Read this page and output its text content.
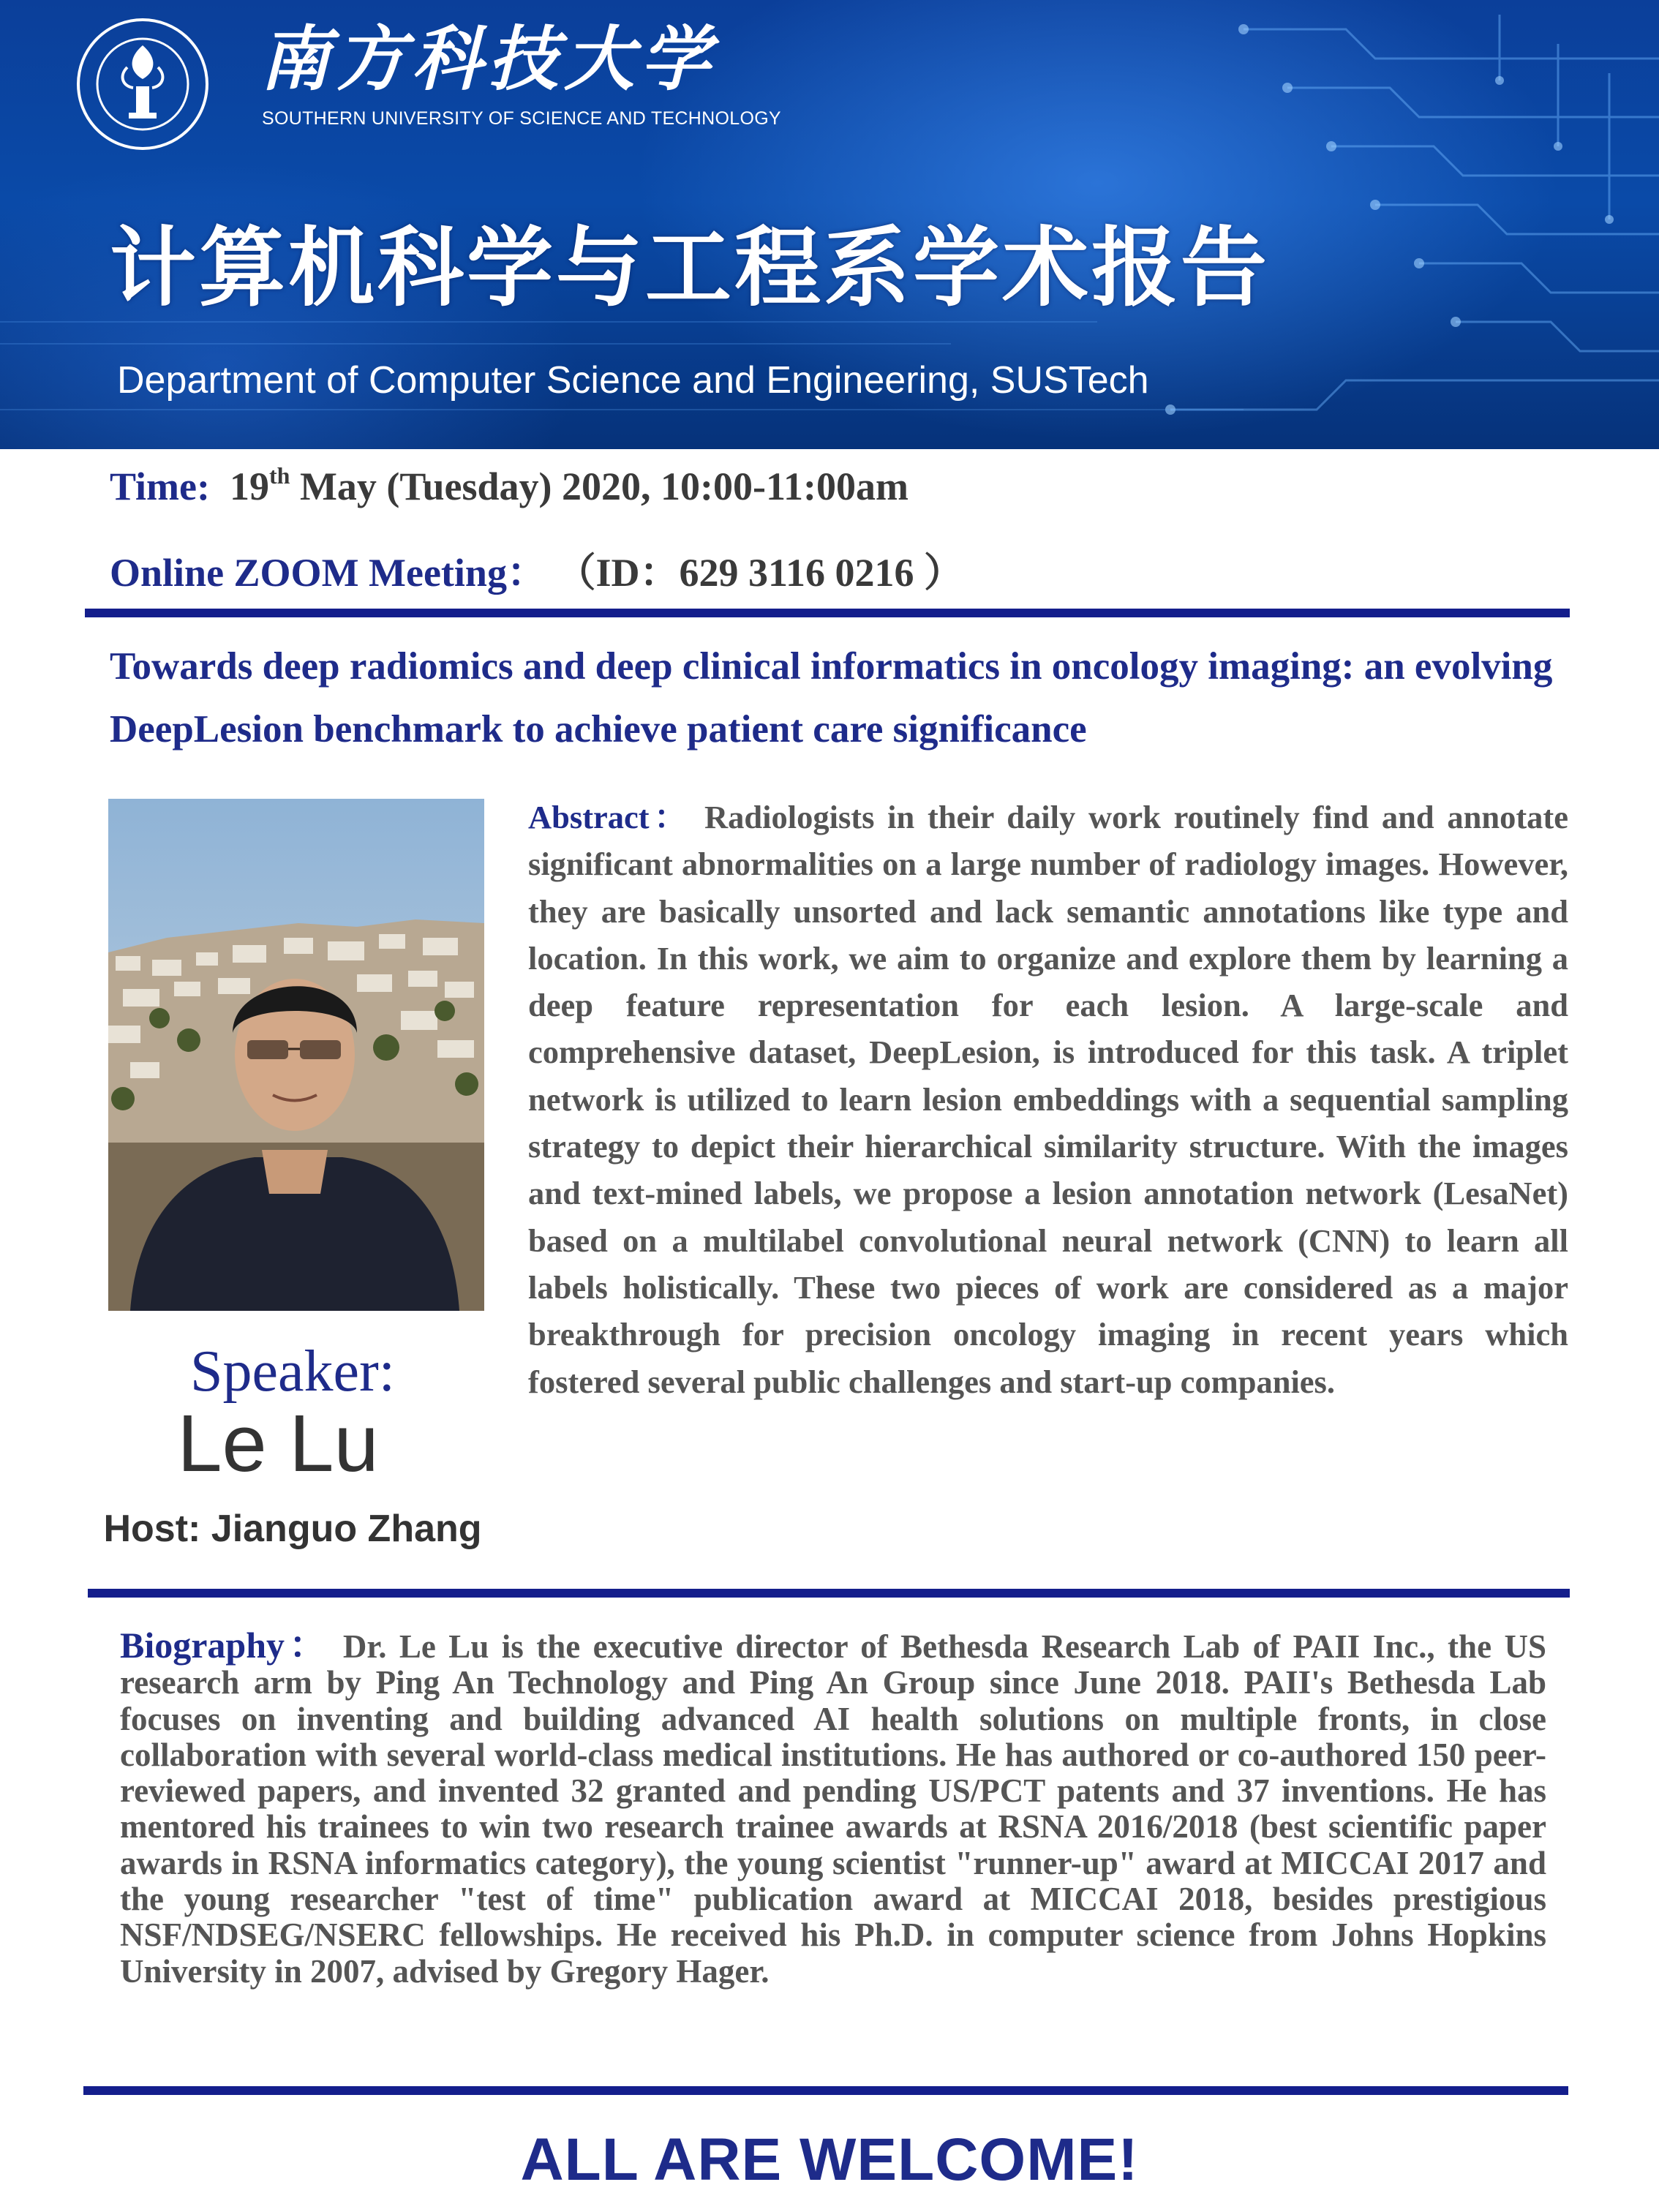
南方科技大学

SOUTHERN UNIVERSITY OF SCIENCE AND TECHNOLOGY

计算机科学与工程系学术报告

Department of Computer Science and Engineering, SUSTech

Time: 19th May (Tuesday) 2020, 10:00-11:00am

Online ZOOM Meeting： （ID：629 3116 0216 ）

Towards deep radiomics and deep clinical informatics in oncology imaging: an evolving DeepLesion benchmark to achieve patient care significance

Speaker:

Le Lu

Host: Jianguo Zhang

Abstract： Radiologists in their daily work routinely find and annotate significant abnormalities on a large number of radiology images. However, they are basically unsorted and lack semantic annotations like type and location. In this work, we aim to organize and explore them by learning a deep feature representation for each lesion. A large-scale and comprehensive dataset, DeepLesion, is introduced for this task. A triplet network is utilized to learn lesion embeddings with a sequential sampling strategy to depict their hierarchical similarity structure. With the images and text-mined labels, we propose a lesion annotation network (LesaNet) based on a multilabel convolutional neural network (CNN) to learn all labels holistically. These two pieces of work are considered as a major breakthrough for precision oncology imaging in recent years which fostered several public challenges and start-up companies.

Biography： Dr. Le Lu is the executive director of Bethesda Research Lab of PAII Inc., the US research arm by Ping An Technology and Ping An Group since June 2018. PAII's Bethesda Lab focuses on inventing and building advanced AI health solutions on multiple fronts, in close collaboration with several world-class medical institutions. He has authored or co-authored 150 peer-reviewed papers, and invented 32 granted and pending US/PCT patents and 37 inventions. He has mentored his trainees to win two research trainee awards at RSNA 2016/2018 (best scientific paper awards in RSNA informatics category), the young scientist "runner-up" award at MICCAI 2017 and the young researcher "test of time" publication award at MICCAI 2018, besides prestigious NSF/NDSEG/NSERC fellowships. He received his Ph.D. in computer science from Johns Hopkins University in 2007, advised by Gregory Hager.

ALL ARE WELCOME!
